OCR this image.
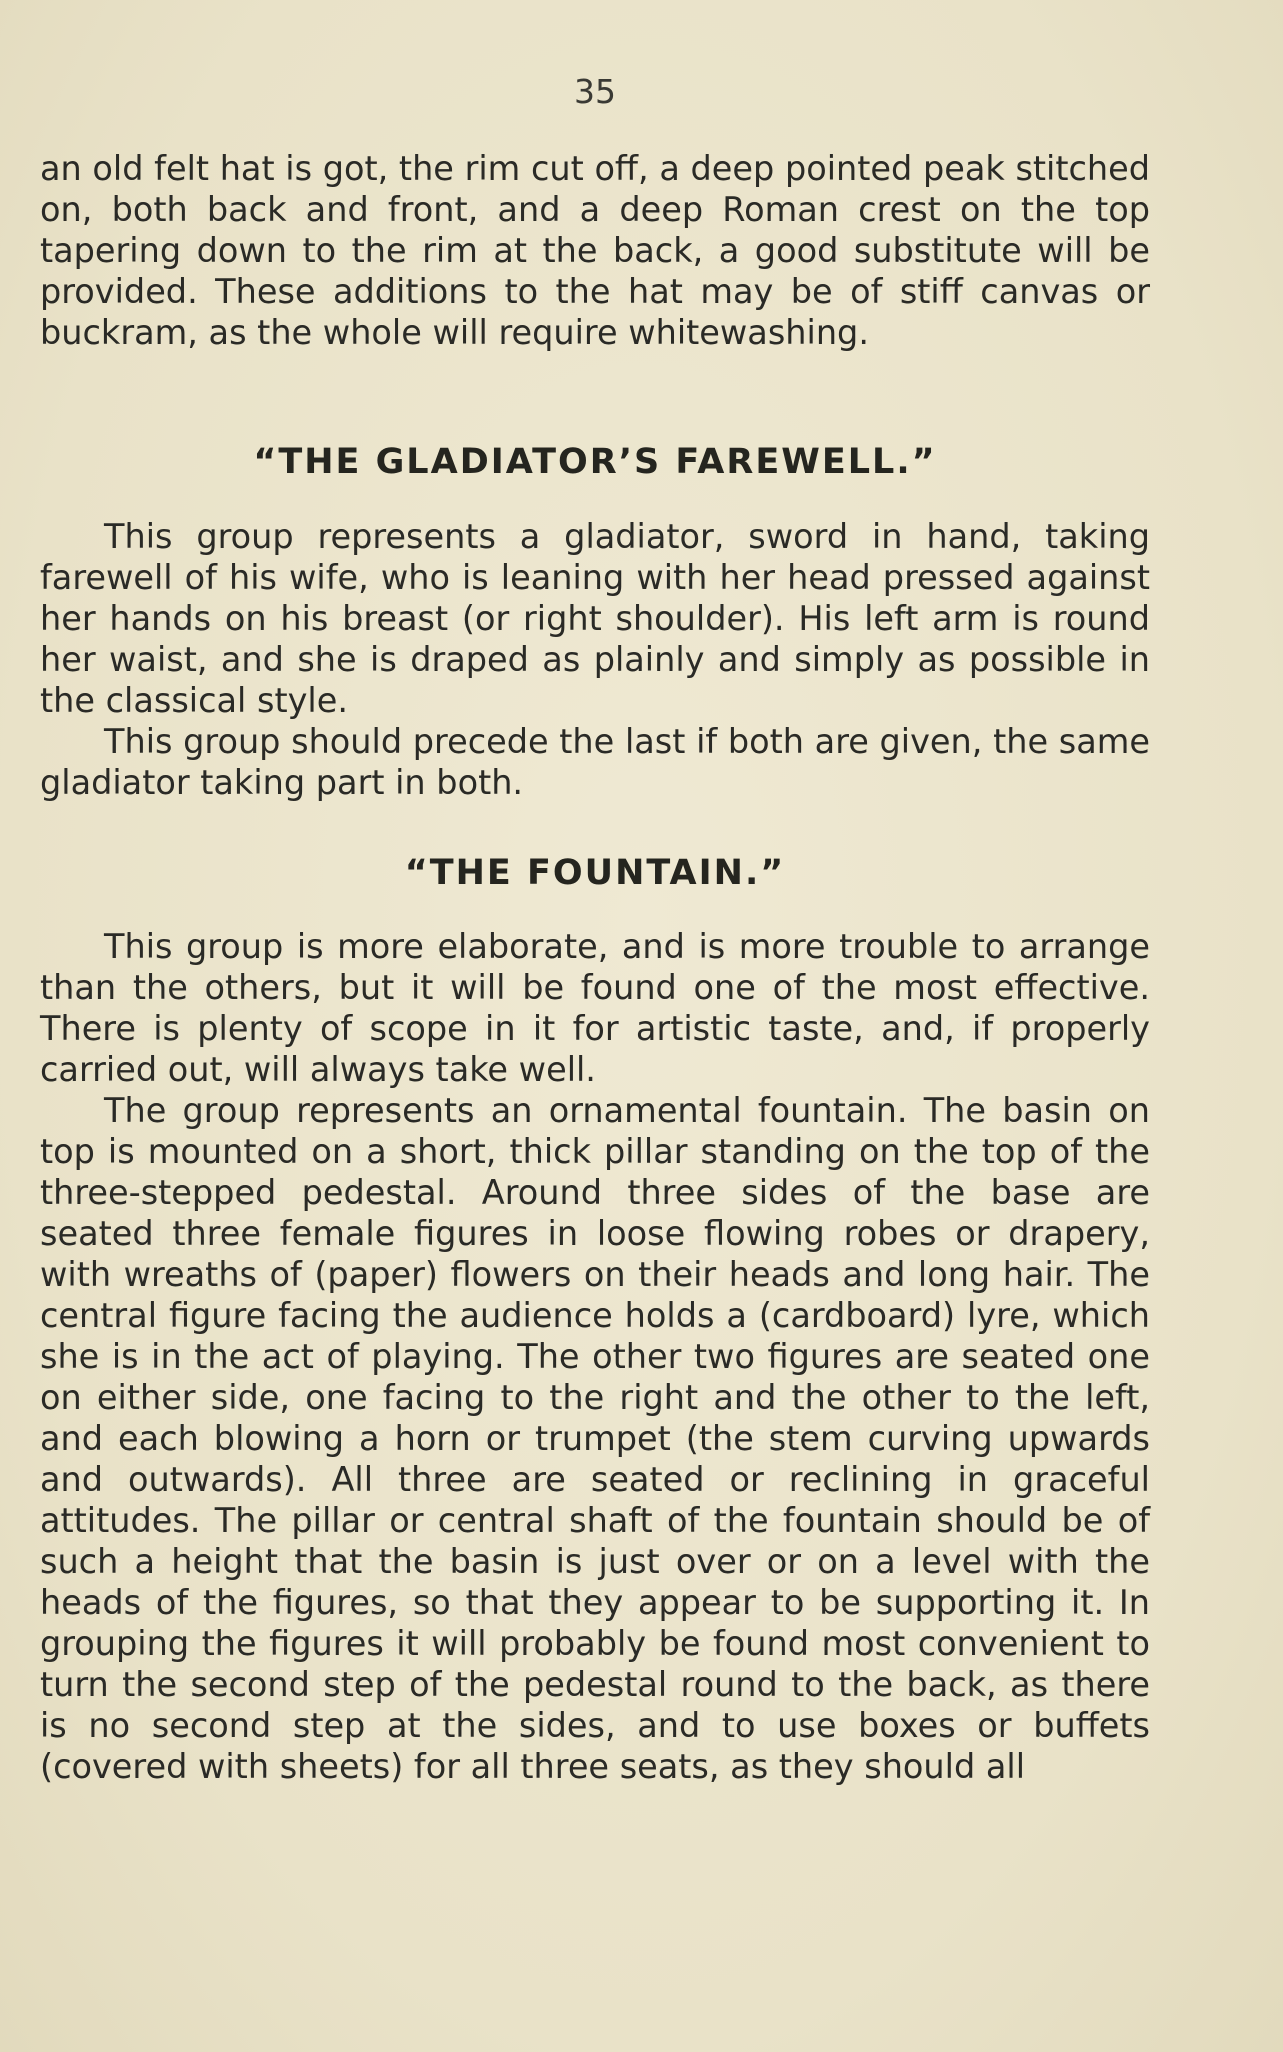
35

an old felt hat is got, the rim cut off, a deep pointed peak stitched on, both back and front, and a deep Roman crest on the top tapering down to the rim at the back, a good substitute will be provided. These additions to the hat may be of stiff canvas or buckram, as the whole will require whitewashing.

“THE GLADIATOR’S FAREWELL.”

This group represents a gladiator, sword in hand, taking farewell of his wife, who is leaning with her head pressed against her hands on his breast (or right shoulder). His left arm is round her waist, and she is draped as plainly and simply as possible in the classical style.

This group should precede the last if both are given, the same gladiator taking part in both.

“THE FOUNTAIN.”

This group is more elaborate, and is more trouble to arrange than the others, but it will be found one of the most effective. There is plenty of scope in it for artistic taste, and, if properly carried out, will always take well.

The group represents an ornamental fountain. The basin on top is mounted on a short, thick pillar standing on the top of the three-stepped pedestal. Around three sides of the base are seated three female figures in loose flowing robes or drapery, with wreaths of (paper) flowers on their heads and long hair. The central figure facing the audience holds a (cardboard) lyre, which she is in the act of playing. The other two figures are seated one on either side, one facing to the right and the other to the left, and each blowing a horn or trumpet (the stem curving upwards and outwards). All three are seated or reclining in graceful attitudes. The pillar or central shaft of the fountain should be of such a height that the basin is just over or on a level with the heads of the figures, so that they appear to be supporting it. In grouping the figures it will probably be found most convenient to turn the second step of the pedestal round to the back, as there is no second step at the sides, and to use boxes or buffets (covered with sheets) for all three seats, as they should all
